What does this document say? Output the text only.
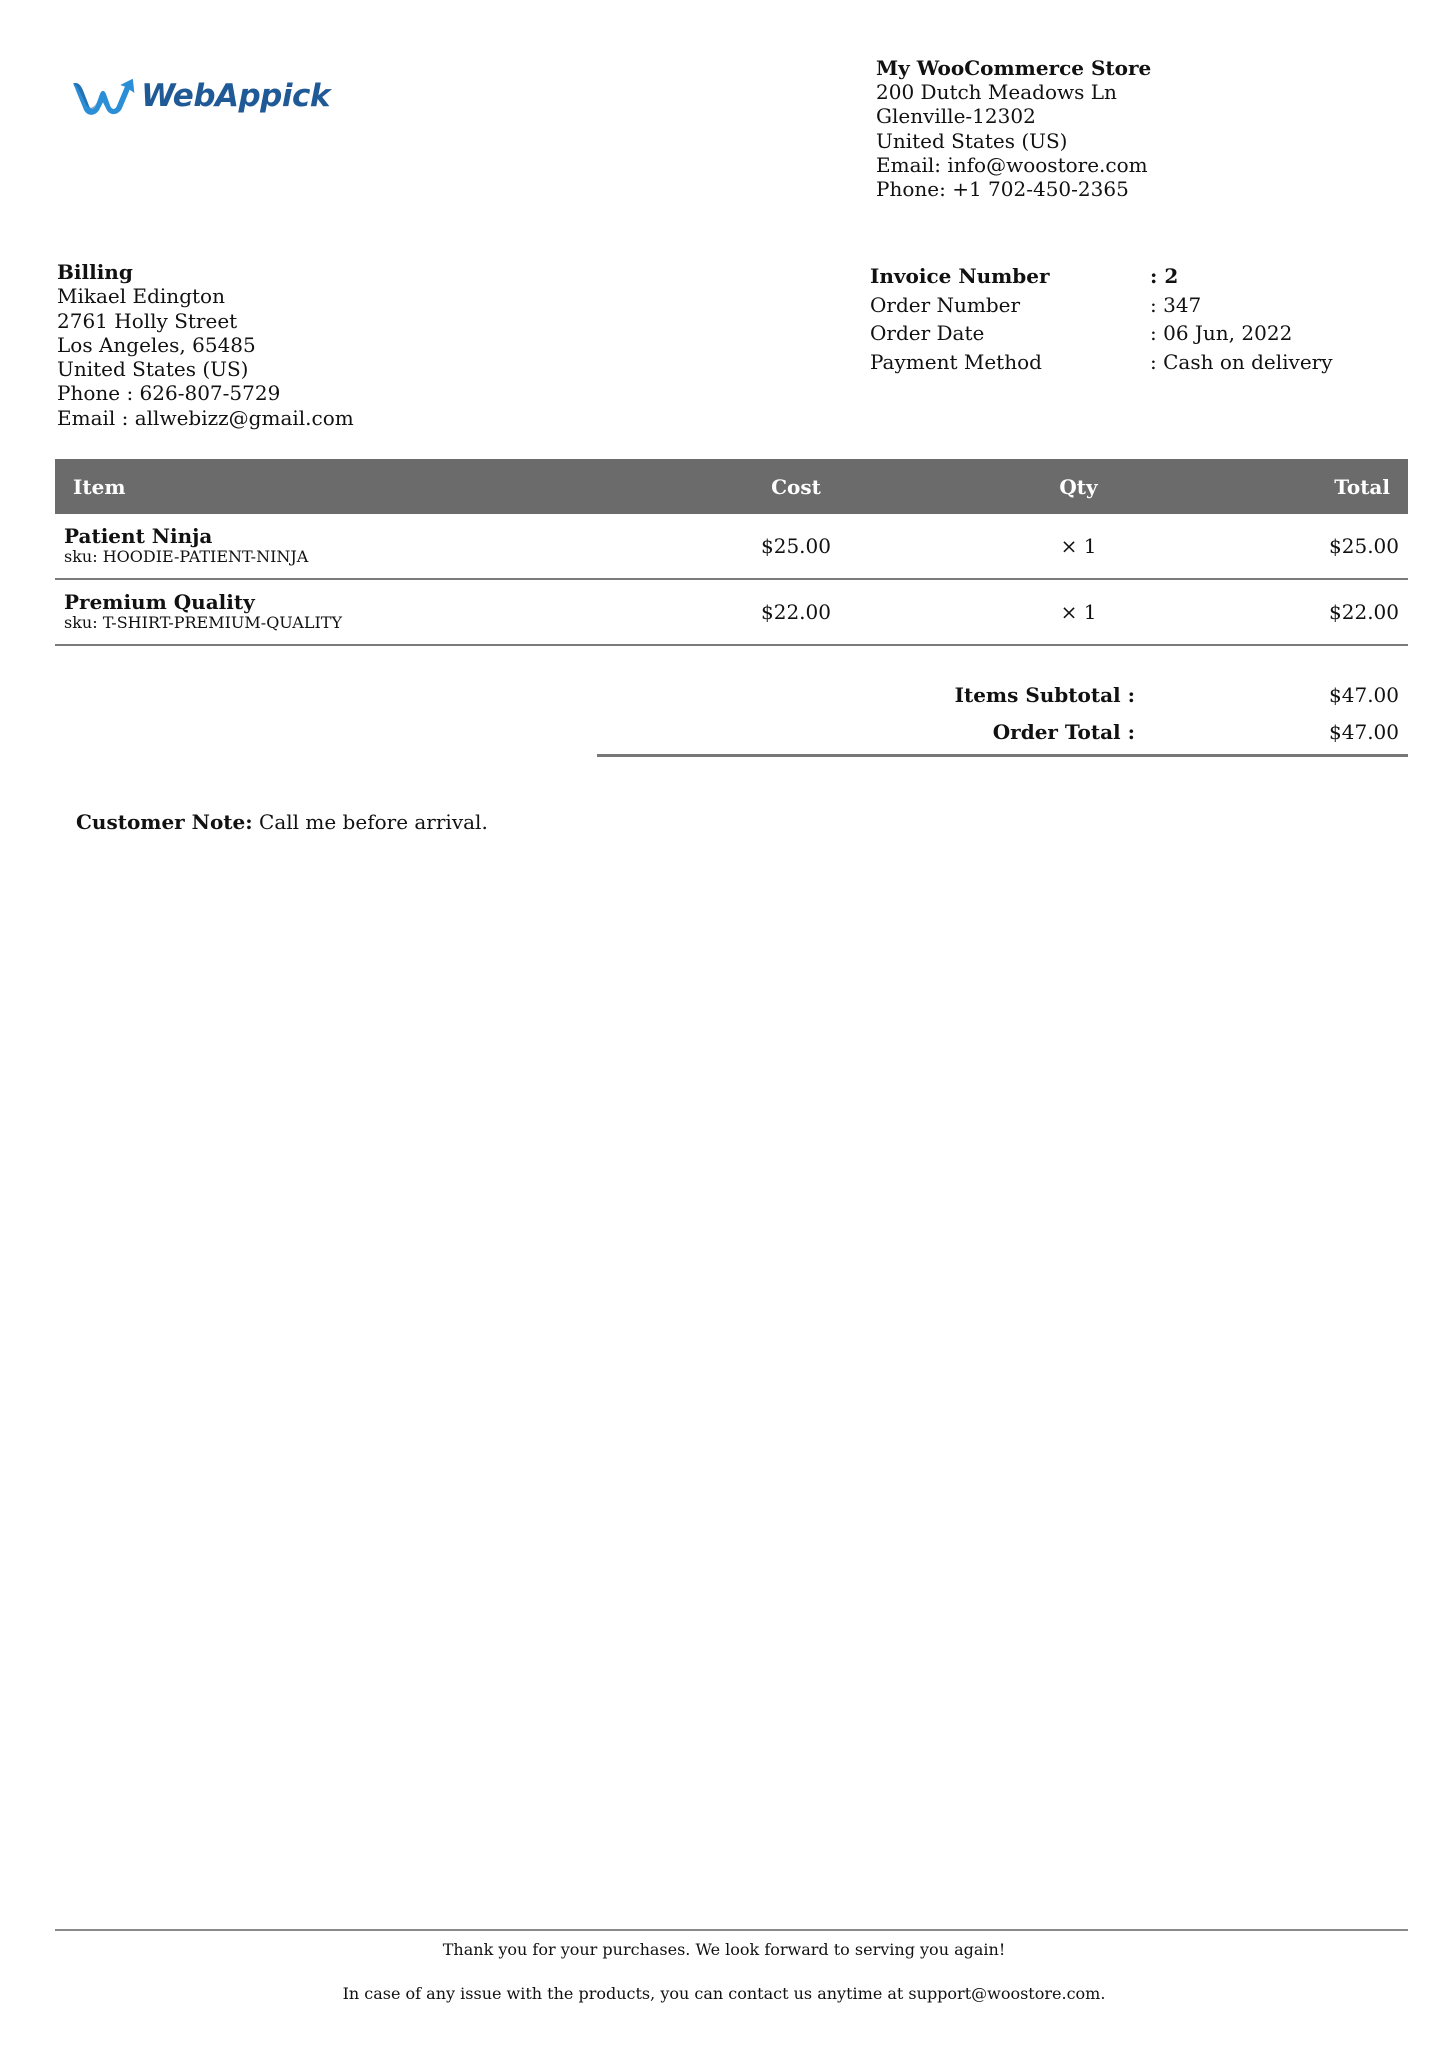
WebAppick
My WooCommerce Store
200 Dutch Meadows Ln
Glenville-12302
United States (US)
Email: info@woostore.com
Phone: +1 702-450-2365
Billing
Mikael Edington
2761 Holly Street
Los Angeles, 65485
United States (US)
Phone : 626-807-5729
Email : allwebizz@gmail.com
Invoice Number	: 2
Order Number	: 347
Order Date	: 06 Jun, 2022
Payment Method	: Cash on delivery
Item	Cost	Qty	Total
Patient Ninja
sku: HOODIE-PATIENT-NINJA	$25.00	× 1	$25.00
Premium Quality
sku: T-SHIRT-PREMIUM-QUALITY	$22.00	× 1	$22.00
Items Subtotal :	$47.00
Order Total :	$47.00
Customer Note: Call me before arrival.
Thank you for your purchases. We look forward to serving you again!
In case of any issue with the products, you can contact us anytime at support@woostore.com.
